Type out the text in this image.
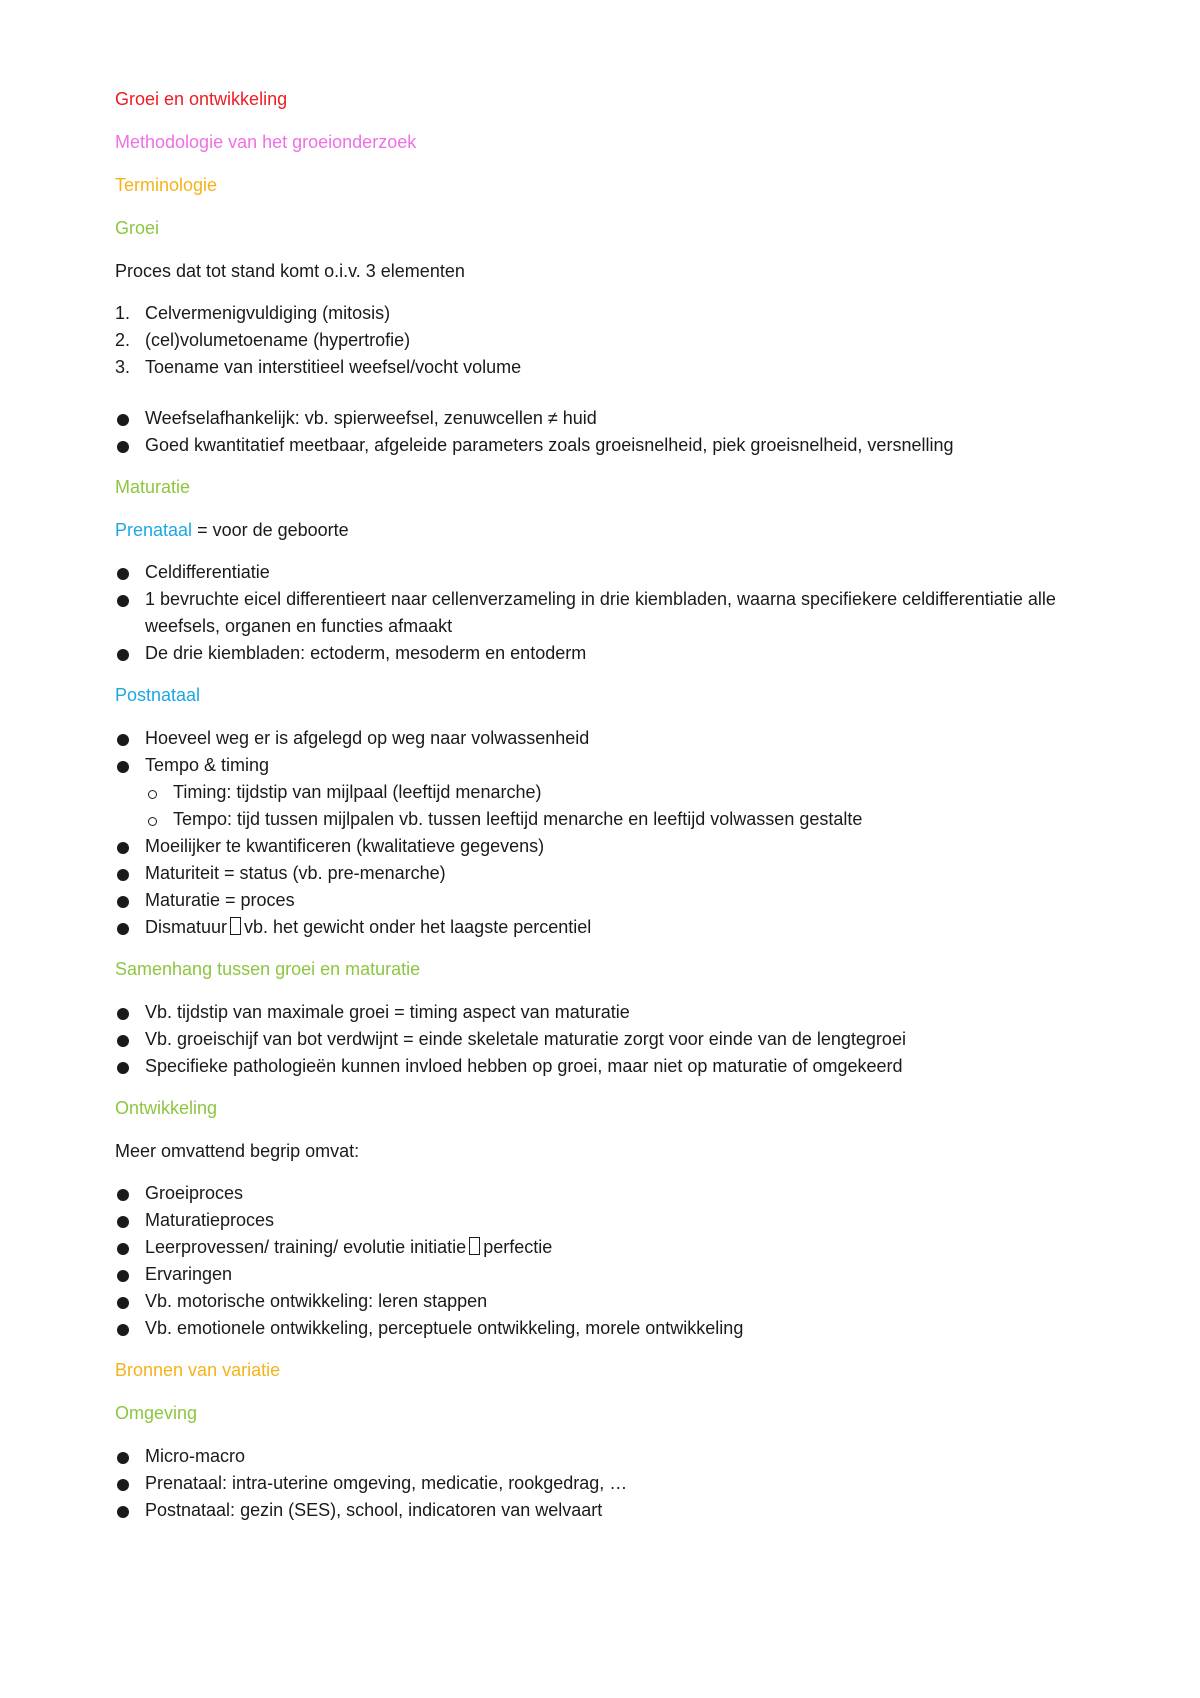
Groei en ontwikkeling

Methodologie van het groeionderzoek

Terminologie

Groei

Proces dat tot stand komt o.i.v. 3 elementen

1. Celvermenigvuldiging (mitosis)
2. (cel)volumetoename (hypertrofie)
3. Toename van interstitieel weefsel/vocht volume
Weefselafhankelijk: vb. spierweefsel, zenuwcellen ≠ huid
Goed kwantitatief meetbaar, afgeleide parameters zoals groeisnelheid, piek groeisnelheid, versnelling

Maturatie

Prenataal = voor de geboorte

Celdifferentiatie
1 bevruchte eicel differentieert naar cellenverzameling in drie kiembladen, waarna specifiekere celdifferentiatie alle weefsels, organen en functies afmaakt
De drie kiembladen: ectoderm, mesoderm en entoderm

Postnataal

Hoeveel weg er is afgelegd op weg naar volwassenheid
Tempo & timing
Timing: tijdstip van mijlpaal (leeftijd menarche)
Tempo: tijd tussen mijlpalen vb. tussen leeftijd menarche en leeftijd volwassen gestalte
Moeilijker te kwantificeren (kwalitatieve gegevens)
Maturiteit = status (vb. pre-menarche)
Maturatie = proces
Dismatuur vb. het gewicht onder het laagste percentiel

Samenhang tussen groei en maturatie

Vb. tijdstip van maximale groei = timing aspect van maturatie
Vb. groeischijf van bot verdwijnt = einde skeletale maturatie zorgt voor einde van de lengtegroei
Specifieke pathologieën kunnen invloed hebben op groei, maar niet op maturatie of omgekeerd

Ontwikkeling

Meer omvattend begrip omvat:

Groeiproces
Maturatieproces
Leerprovessen/ training/ evolutie initiatie perfectie
Ervaringen
Vb. motorische ontwikkeling: leren stappen
Vb. emotionele ontwikkeling, perceptuele ontwikkeling, morele ontwikkeling

Bronnen van variatie

Omgeving

Micro-macro
Prenataal: intra-uterine omgeving, medicatie, rookgedrag, …
Postnataal: gezin (SES), school, indicatoren van welvaart
